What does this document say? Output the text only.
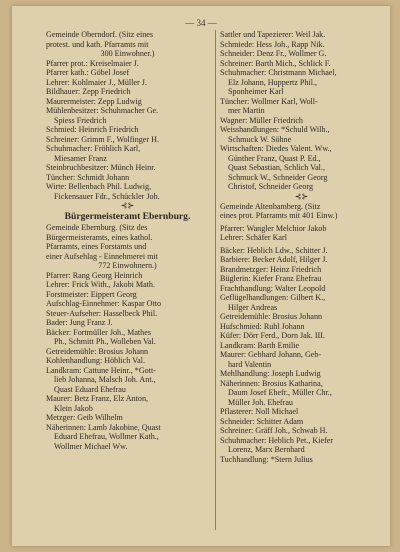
— 34 —

Gemeinde Oberndorf. (Sitz eines

protest. und kath. Pfarramts mit

300 Einwohner.)

Pfarrer prot.: Kreiselmaier J.

Pfarrer kath.: Göbel Josef

Lehrer: Kohlmaier J., Müller J.

Bildhauer: Zepp Friedrich

Maurermeister: Zepp Ludwig

Mühlenbesitzer: Schuhmacher Ge.

Spiess Friedrich

Schmied: Heinrich Friedrich

Schreiner: Grimm F., Wolfinger H.

Schuhmacher: Fröhlich Karl,

Miesamer Franz

Steinbruchbesitzer: Münch Heinr.

Tüncher: Schmidt Johann

Wirte: Bellenbach Phil. Ludwig,

Fickensauer Fdr., Schückler Joh.

⊰⊱

Bürgermeisteramt Ebernburg.

Gemeinde Ebernburg. (Sitz des

Bürgermeisteramts, eines kathol.

Pfarramts, eines Forstamts und

einer Aufsehlag - Einnehmerei mit

772 Einwohnern.)

Pfarrer: Rang Georg Heinrich

Lehrer: Frick With., Jakobi Math.

Forstmeister: Eippert Georg

Aufschlag-Einnehmer: Kaspar Otto

Steuer-Aufseher: Hasselbeck Phil.

Bader: Jung Franz J.

Bäcker: Fortmüller Joh., Mathes

Ph., Schmitt Ph., Wolleben Val.

Getreidemühle: Brosius Johann

Kohlenhandlung: Höblich Val.

Landkram: Cattune Heinr., *Gott-

lieb Johanna, Malsch Joh. Ant.,

Quast Eduard Ehefrau

Maurer: Betz Franz, Elz Anton,

Klein Jakob

Metzger: Geib Wilhelm

Näherinnen: Lamb Jakobine, Quast

Eduard Ehefrau, Wollmer Kath.,

Wollmer Michael Ww.

Sattler und Tapezierer: Weil Jak.

Schmiede: Hess Joh., Rapp Nik.

Schneider: Denz Fr., Wollmer G.

Schreiner: Barth Mich., Schlick F.

Schuhmacher: Christmann Michael,

Elz Johann, Huppertz Phil.,

Sponheimer Karl

Tüncher: Wollmer Karl, Woll-

mer Martin

Wagner: Müller Friedrich

Weisshandlungen: *Schuld Wilh.,

Schmuck W. Söhne

Wirtschaften: Diedes Valent. Ww.,

Günther Franz, Quast P. Ed.,

Quast Sebastian, Schlich Val.,

Schmuck W., Schneider Georg

Christof, Schneider Georg

⊰⊱

Gemeinde Altenbamberg. (Sitz

eines prot. Pfarramts mit 401 Einw.)

Pfarrer: Wangler Melchior Jakob

Lehrer: Schäfer Karl

Bäcker: Heblich Ldw., Schitter J.

Barbiere: Becker Adolf, Hilger J.

Brandmetzger: Heinz Friedrich

Büglerin: Kiefer Franz Ehefrau

Frachthandlung: Walter Leopold

Geflügelhandlungen: Gilbert K.,

Hilger Andreas

Getreidemühle: Brosius Johann

Hufschmied: Ruhl Johann

Küfer: Dörr Ferd., Dorn Jak. III.

Landkram: Barth Emilie

Maurer: Gebhard Johann, Geb-

hard Valentin

Mehlhandlung: Joseph Ludwig

Näherinnen: Brosius Katharina,

Daum Josef Ehefr., Müller Chr.,

Müller Joh. Ehefrau

Pflasterer: Noll Michael

Schneider: Schitter Adam

Schreiner: Gräff Joh., Schwab H.

Schuhmacher: Heblich Pet., Kiefer

Lorenz, Marx Bernhard

Tuchhandlung: *Stern Julius
